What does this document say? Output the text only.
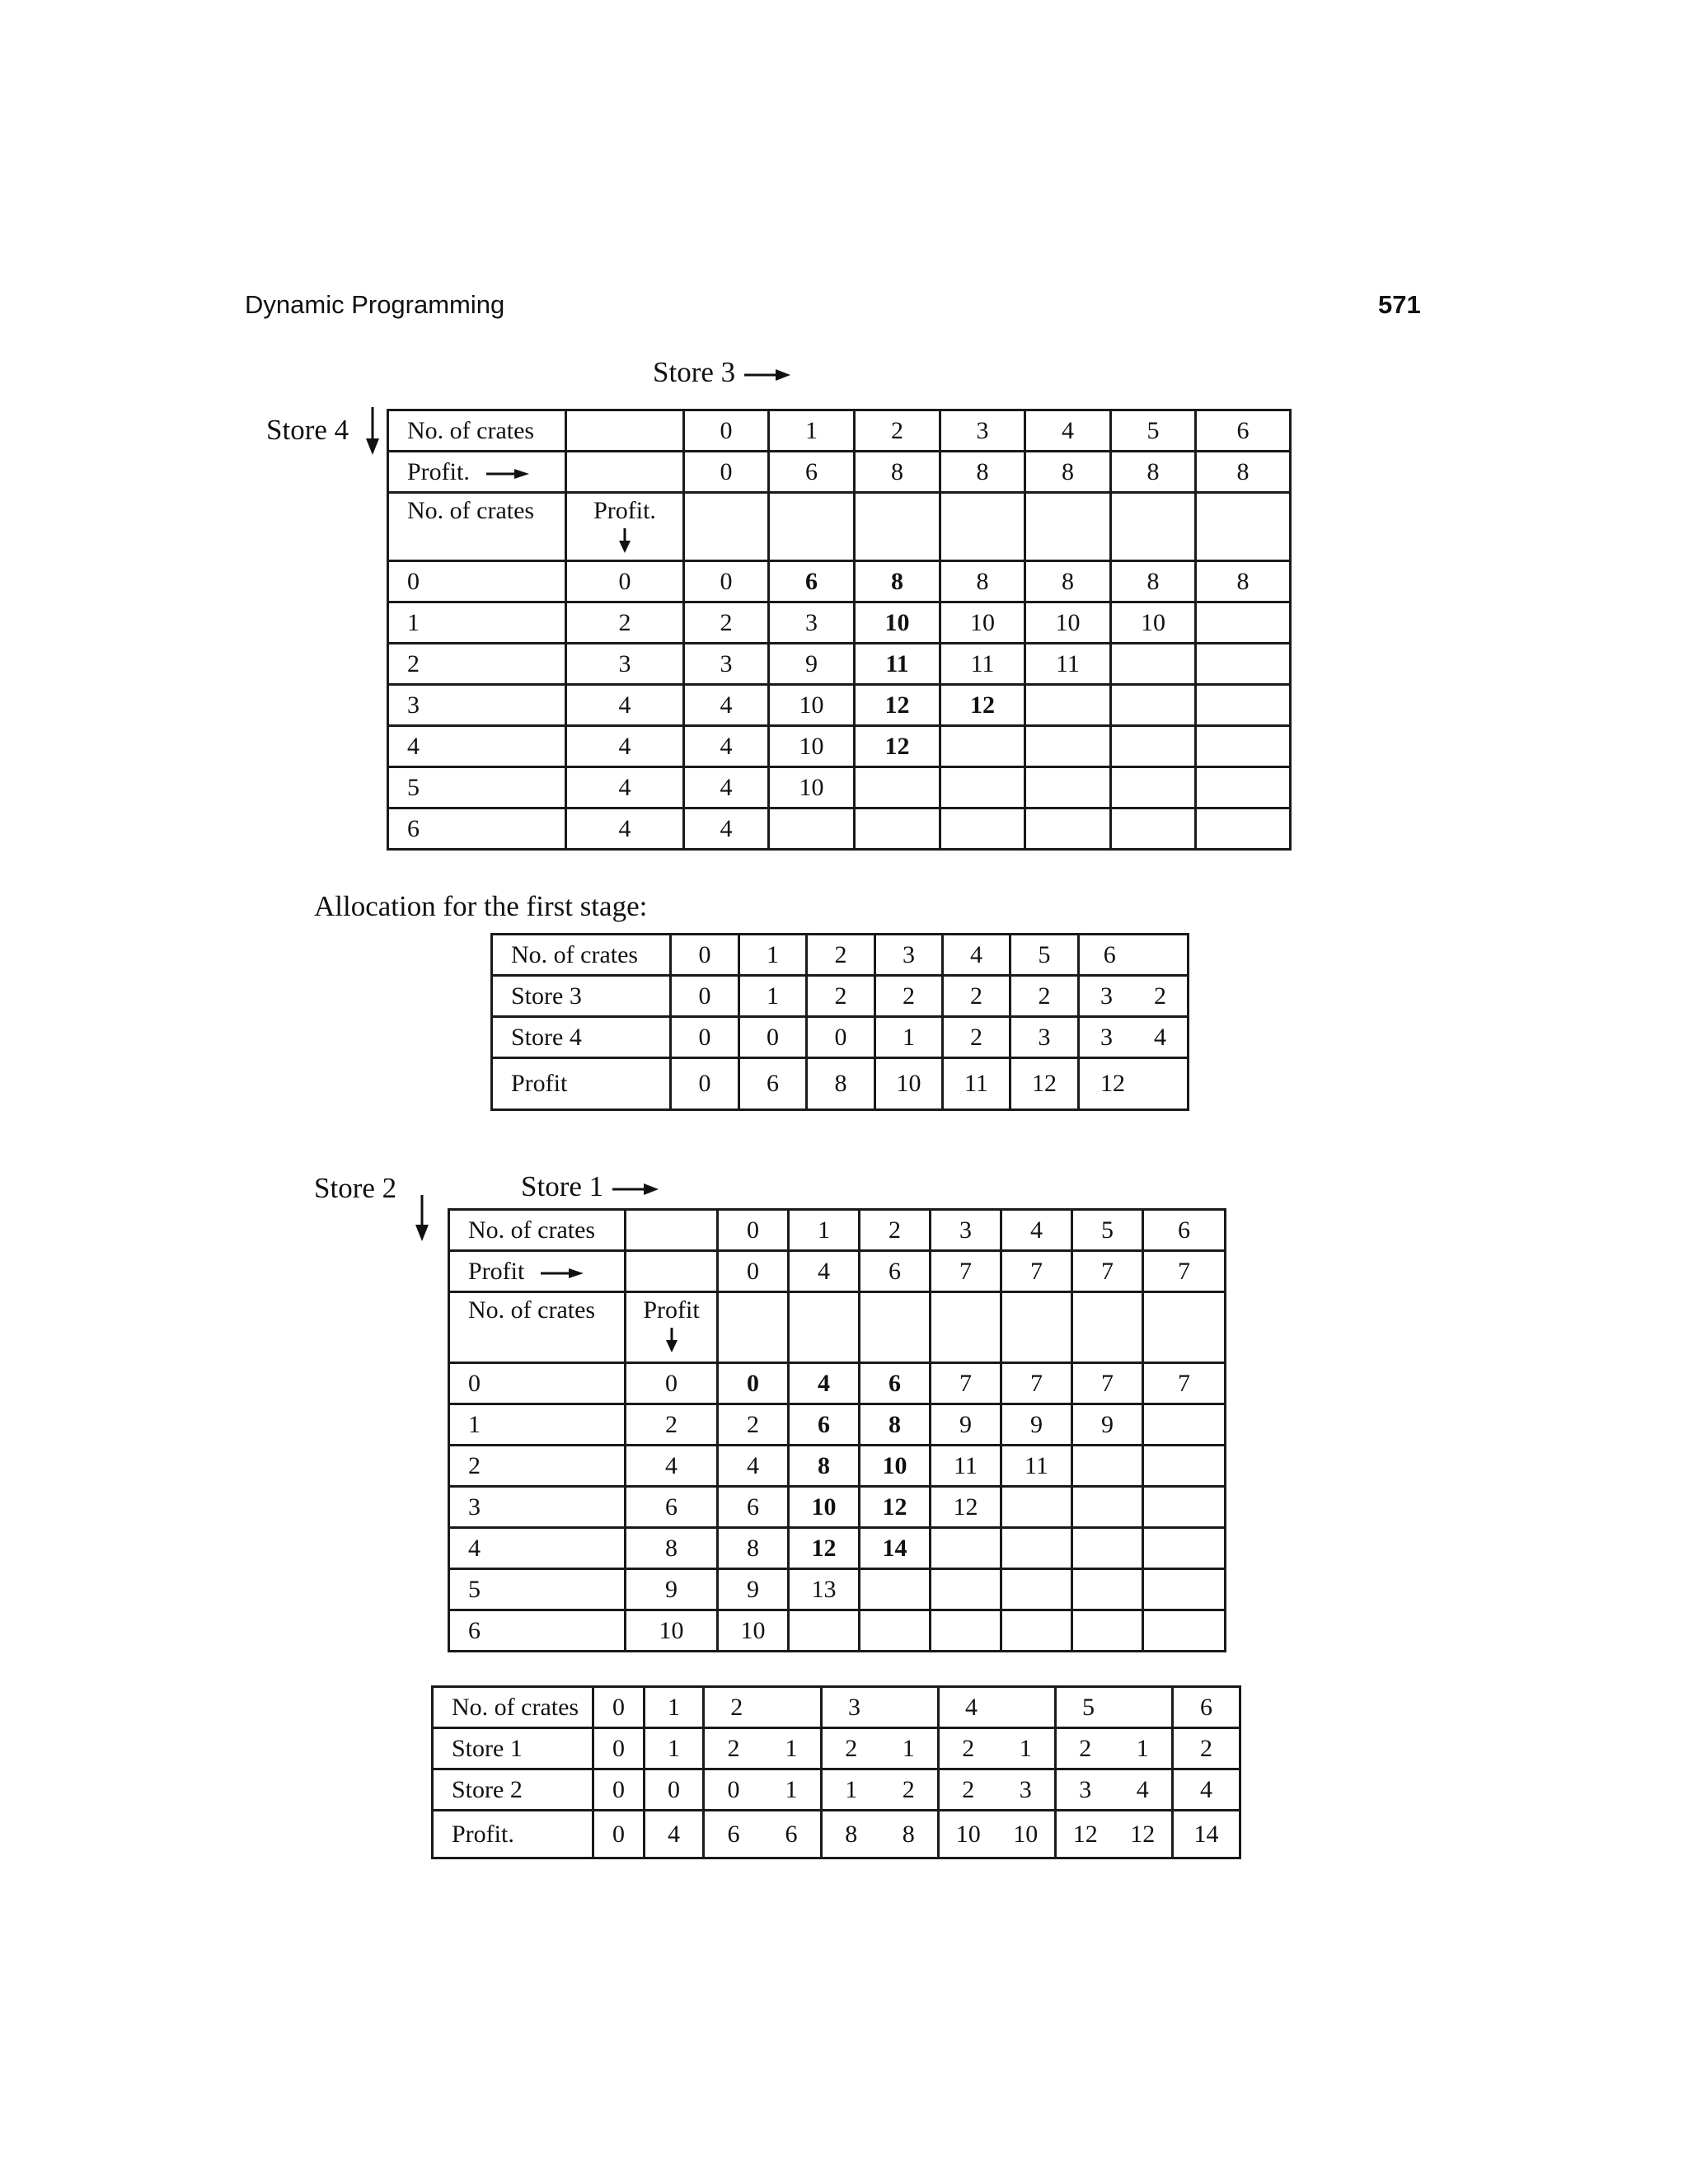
Dynamic Programming	571
Store 3
Store 4 No. of crates		0	1	2	3	4	5	6
Profit.		0	6	8	8	8	8	8
No. of crates	Profit.							

0	0	0	6	8	8	8	8	8
1	2	2	3	10	10	10	10	
2	3	3	9	11	11	11		
3	4	4	10	12	12			
4	4	4	10	12				
5	4	4	10					
6	4	4						
Allocation for the first stage:
No. of crates	0	1	2	3	4	5	6

Store 3	0	1	2	2	2	2	3 2

Store 4	0	0	0	1	2	3	3 4

Profit	0	6	8	10	11	12	12
Store 2	Store 1
No. of crates		0	1	2	3	4	5	6
Profit		0	4	6	7	7	7	7
No. of crates	Profit							

0	0	0	4	6	7	7	7	7
1	2	2	6	8	9	9	9	
2	4	4	8	10	11	11		
3	6	6	10	12	12			
4	8	8	12	14				
5	9	9	13					
6	10	10						
No. of crates	0	1	2	3	4	5	6
Store 1	0	1	2 1	2 1	2 1	2 1	2
Store 2	0	0	0 1	1 2	2 3	3 4	4
Profit.	0	4	6 6	8 8	10 10	12 12	14
